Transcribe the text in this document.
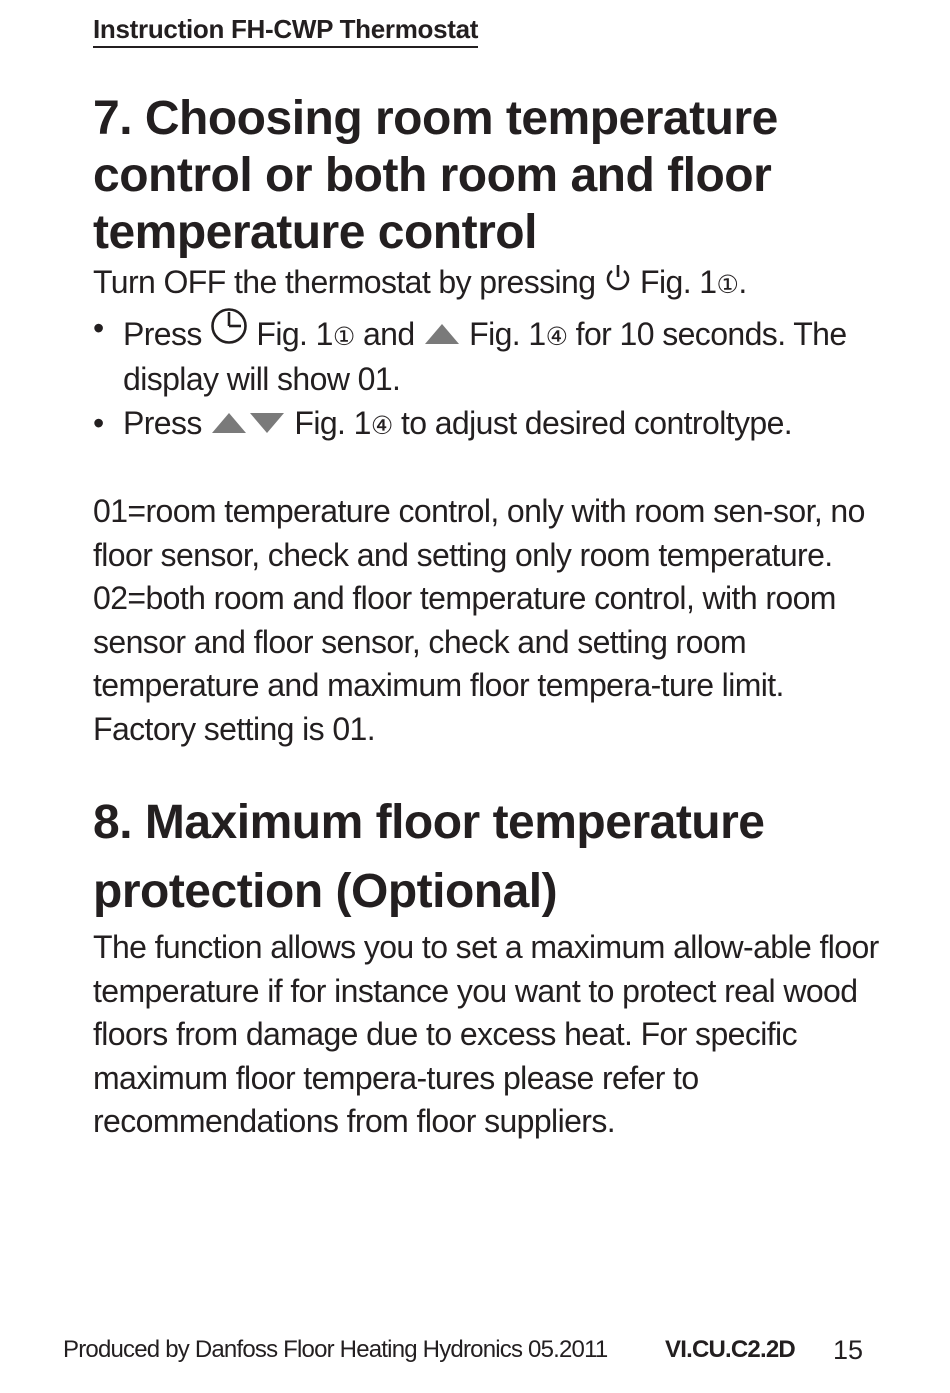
Instruction FH-CWP Thermostat
7. Choosing room temperature control or both room and floor temperature control

Turn OFF the thermostat by pressing
Fig. 1①.

• Press
Fig. 1① and  Fig. 1④ for 10 seconds. The display will show 01.
• Press	Fig. 1④ to adjust desired controltype.

01=room temperature control, only with room sen-sor, no floor sensor, check and setting only room temperature.

02=both room and floor temperature control, with room sensor and floor sensor, check and setting room temperature and maximum floor tempera-ture limit.

Factory setting is 01.

8. Maximum floor temperature protection (Optional)

The function allows you to set a maximum allow-able floor temperature if for instance you want to protect real wood floors from damage due to excess heat. For specific maximum floor tempera-tures please refer to recommendations from floor suppliers.

Produced by Danfoss Floor Heating Hydronics 05.2011 VI.CU.C2.2D 15
